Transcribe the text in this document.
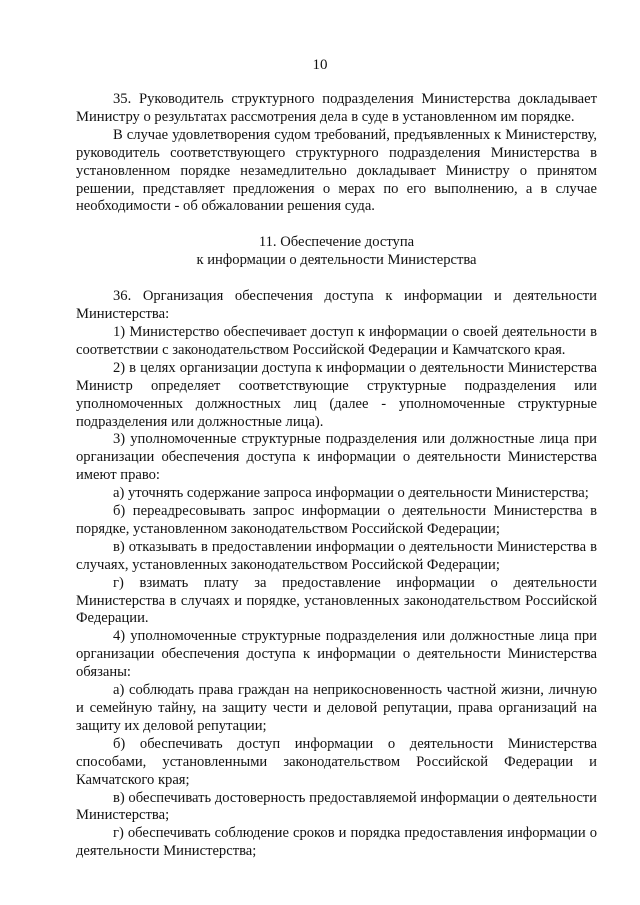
10

35. Руководитель структурного подразделения Министерства докладывает Министру о результатах рассмотрения дела в суде в установленном им порядке.

В случае удовлетворения судом требований, предъявленных к Министерству, руководитель соответствующего структурного подразделения Министерства в установленном порядке незамедлительно докладывает Министру о принятом решении, представляет предложения о мерах по его выполнению, а в случае необходимости - об обжаловании решения суда.

11. Обеспечение доступа
к информации о деятельности Министерства

36. Организация обеспечения доступа к информации и деятельности Министерства:

1) Министерство обеспечивает доступ к информации о своей деятельности в соответствии с законодательством Российской Федерации и Камчатского края.

2) в целях организации доступа к информации о деятельности Министерства Министр определяет соответствующие структурные подразделения или уполномоченных должностных лиц (далее - уполномоченные структурные подразделения или должностные лица).

3) уполномоченные структурные подразделения или должностные лица при организации обеспечения доступа к информации о деятельности Министерства имеют право:

а) уточнять содержание запроса информации о деятельности Министерства;

б) переадресовывать запрос информации о деятельности Министерства в порядке, установленном законодательством Российской Федерации;

в) отказывать в предоставлении информации о деятельности Министерства в случаях, установленных законодательством Российской Федерации;

г) взимать плату за предоставление информации о деятельности Министерства в случаях и порядке, установленных законодательством Российской Федерации.

4) уполномоченные структурные подразделения или должностные лица при организации обеспечения доступа к информации о деятельности Министерства обязаны:

а) соблюдать права граждан на неприкосновенность частной жизни, личную и семейную тайну, на защиту чести и деловой репутации, права организаций на защиту их деловой репутации;

б) обеспечивать доступ информации о деятельности Министерства способами, установленными законодательством Российской Федерации и Камчатского края;

в) обеспечивать достоверность предоставляемой информации о деятельности Министерства;

г) обеспечивать соблюдение сроков и порядка предоставления информации о деятельности Министерства;
